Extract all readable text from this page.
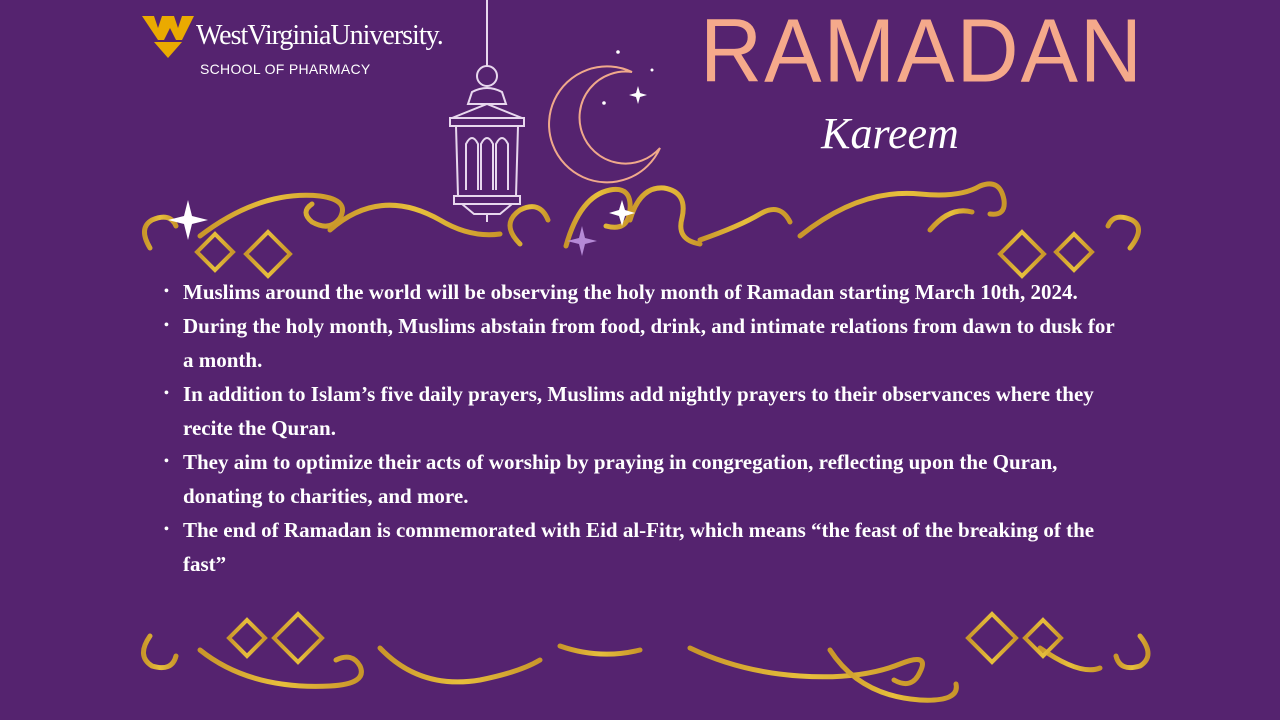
WestVirginiaUniversity.
SCHOOL OF PHARMACY	RAMADAN
Kareem
• Muslims around the world will be observing the holy month of Ramadan starting March 10th, 2024.
• During the holy month, Muslims abstain from food, drink, and intimate relations from dawn to dusk for a month.
• In addition to Islam’s five daily prayers, Muslims add nightly prayers to their observances where they recite the Quran.
• They aim to optimize their acts of worship by praying in congregation, reflecting upon the Quran, donating to charities, and more.
• The end of Ramadan is commemorated with Eid al-Fitr, which means “the feast of the breaking of the fast”
